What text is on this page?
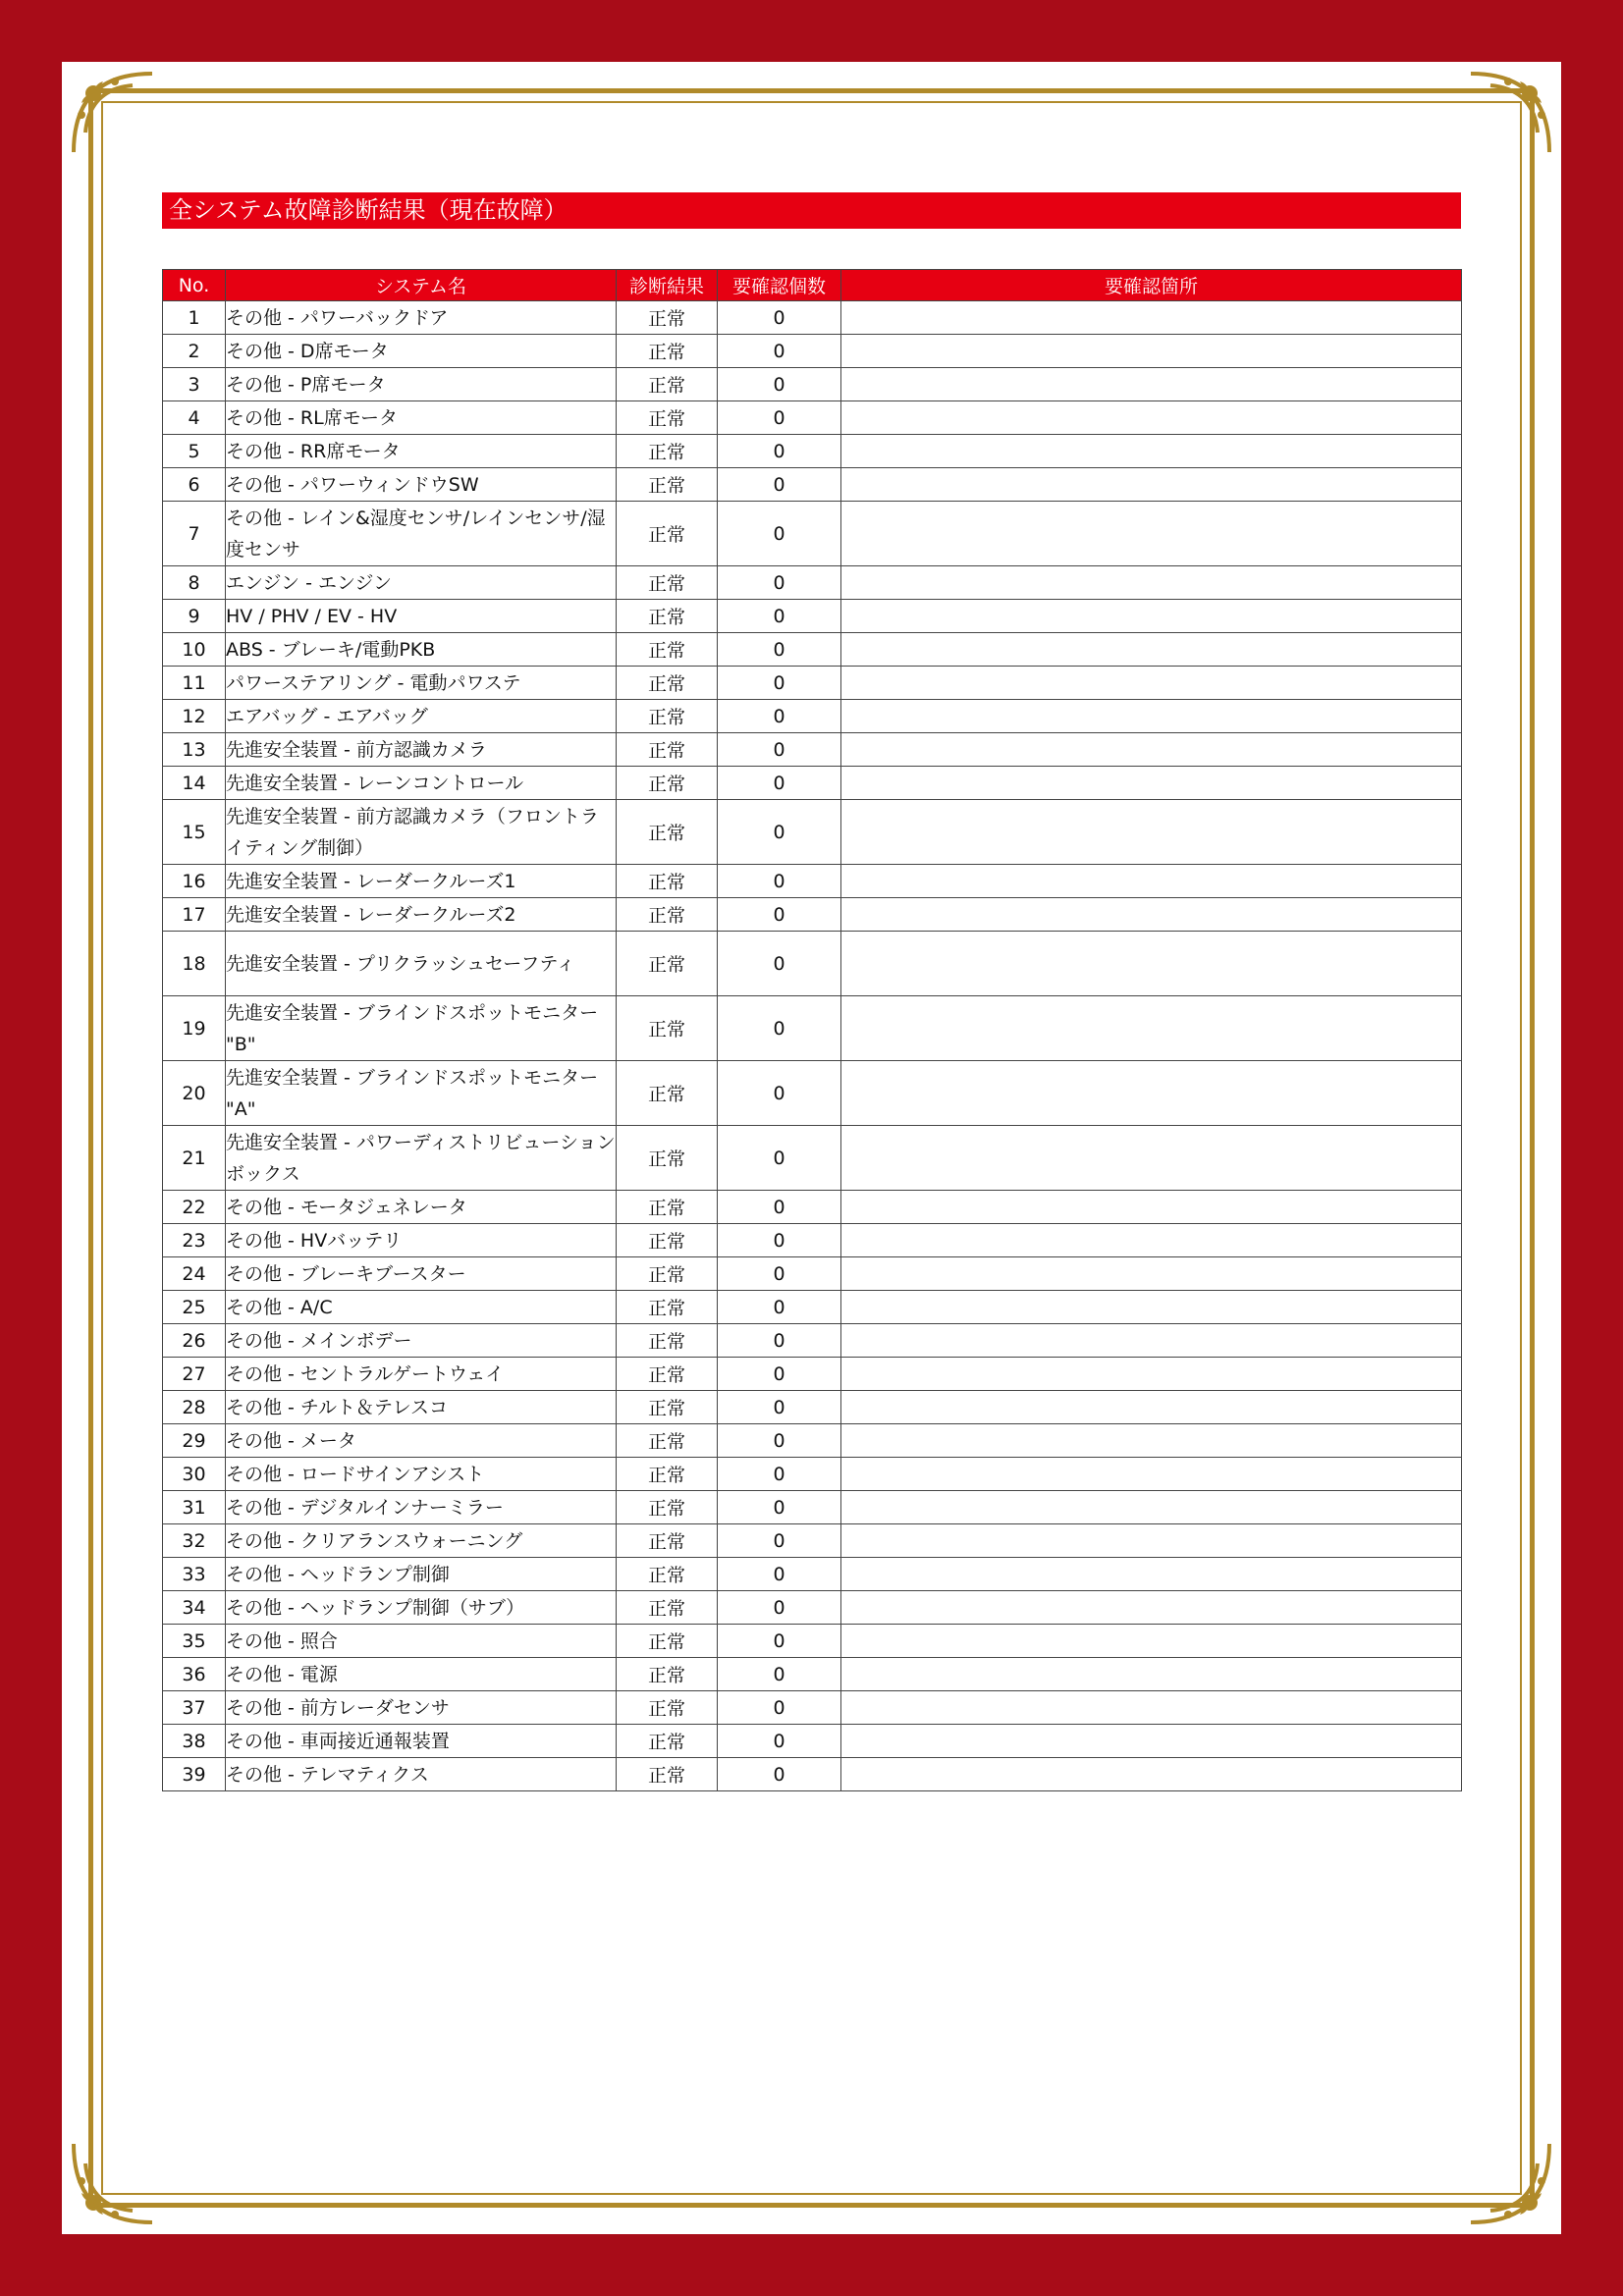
全システム故障診断結果（現在故障）
No.	システム名	診断結果	要確認個数	要確認箇所
1	その他 - パワーバックドア	正常	0	
2	その他 - D席モータ	正常	0	
3	その他 - P席モータ	正常	0	
4	その他 - RL席モータ	正常	0	
5	その他 - RR席モータ	正常	0	
6	その他 - パワーウィンドウSW	正常	0	
7	その他 - レイン&湿度センサ/レインセンサ/湿度センサ	正常	0	
8	エンジン - エンジン	正常	0	
9	HV / PHV / EV - HV	正常	0	
10	ABS - ブレーキ/電動PKB	正常	0	
11	パワーステアリング - 電動パワステ	正常	0	
12	エアバッグ - エアバッグ	正常	0	
13	先進安全装置 - 前方認識カメラ	正常	0	
14	先進安全装置 - レーンコントロール	正常	0	
15	先進安全装置 - 前方認識カメラ（フロントライティング制御）	正常	0	
16	先進安全装置 - レーダークルーズ1	正常	0	
17	先進安全装置 - レーダークルーズ2	正常	0	
18	先進安全装置 - プリクラッシュセーフティ	正常	0	
19	先進安全装置 - ブラインドスポットモニター "B"	正常	0	
20	先進安全装置 - ブラインドスポットモニター "A"	正常	0	
21	先進安全装置 - パワーディストリビューションボックス	正常	0	
22	その他 - モータジェネレータ	正常	0	
23	その他 - HVバッテリ	正常	0	
24	その他 - ブレーキブースター	正常	0	
25	その他 - A/C	正常	0	
26	その他 - メインボデー	正常	0	
27	その他 - セントラルゲートウェイ	正常	0	
28	その他 - チルト＆テレスコ	正常	0	
29	その他 - メータ	正常	0	
30	その他 - ロードサインアシスト	正常	0	
31	その他 - デジタルインナーミラー	正常	0	
32	その他 - クリアランスウォーニング	正常	0	
33	その他 - ヘッドランプ制御	正常	0	
34	その他 - ヘッドランプ制御（サブ）	正常	0	
35	その他 - 照合	正常	0	
36	その他 - 電源	正常	0	
37	その他 - 前方レーダセンサ	正常	0	
38	その他 - 車両接近通報装置	正常	0	
39	その他 - テレマティクス	正常	0	
